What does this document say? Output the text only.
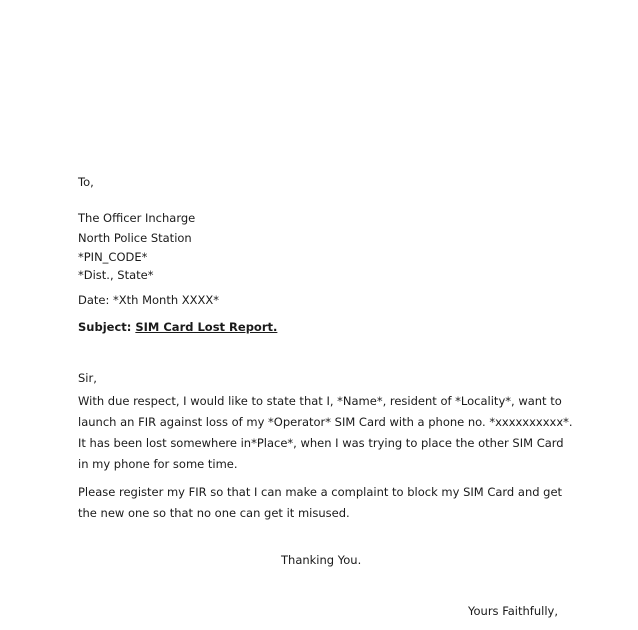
To,
The Officer Incharge
North Police Station
*PIN_CODE*
*Dist., State*
Date: *Xth Month XXXX*
Subject: SIM Card Lost Report.
Sir,
With due respect, I would like to state that I, *Name*, resident of *Locality*, want to
launch an FIR against loss of my *Operator* SIM Card with a phone no. *xxxxxxxxxx*.
It has been lost somewhere in*Place*, when I was trying to place the other SIM Card
in my phone for some time.
Please register my FIR so that I can make a complaint to block my SIM Card and get
the new one so that no one can get it misused.
Thanking You.
Yours Faithfully,
